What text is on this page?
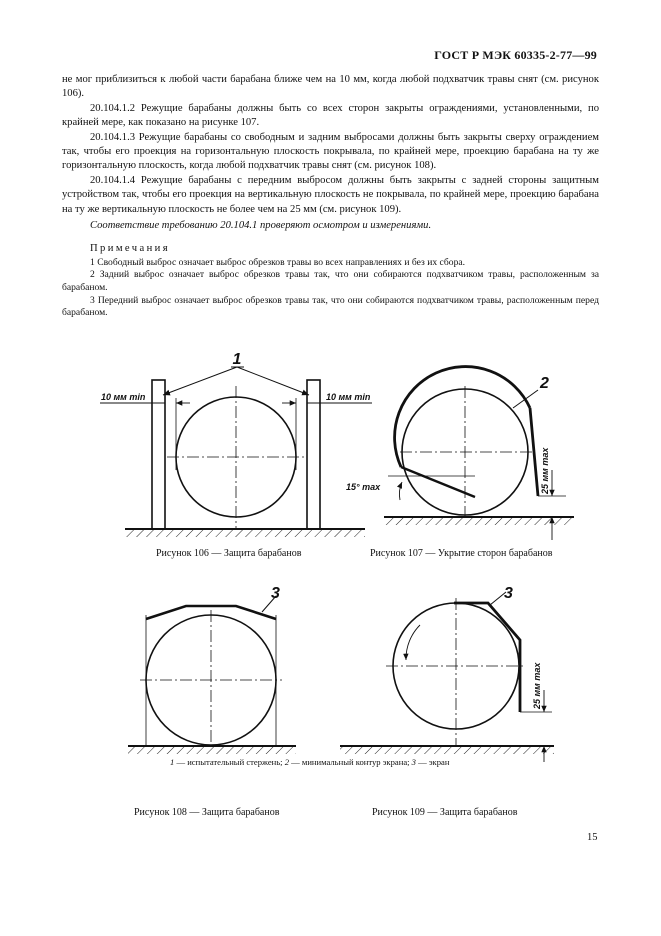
ГОСТ Р МЭК 60335-2-77—99

не мог приблизиться к любой части барабана ближе чем на 10 мм, когда любой подхватчик травы снят (см. рисунок 106).

20.104.1.2 Режущие барабаны должны быть со всех сторон закрыты ограждениями, установленными, по крайней мере, как показано на рисунке 107.

20.104.1.3 Режущие барабаны со свободным и задним выбросами должны быть закрыты сверху ограждением так, чтобы его проекция на горизонтальную плоскость покрывала, по крайней мере, проекцию барабана на ту же горизонтальную плоскость, когда любой подхватчик травы снят (см. рисунок 108).

20.104.1.4 Режущие барабаны с передним выбросом должны быть закрыты с задней стороны защитным устройством так, чтобы его проекция на вертикальную плоскость не покрывала, по крайней мере, проекцию барабана на ту же вертикальную плоскость не более чем на 25 мм (см. рисунок 109).

Соответствие требованию 20.104.1 проверяют осмотром и измерениями.

Примечания

1 Свободный выброс означает выброс обрезков травы во всех направлениях и без их сбора.

2 Задний выброс означает выброс обрезков травы так, что они собираются подхватчиком травы, расположенным за барабаном.

3 Передний выброс означает выброс обрезков травы так, что они собираются подхватчиком травы, расположенным перед барабаном.

1
10 мм min	10 мм min
2
15° max	25 мм max
3	3
25 мм max
Рисунок 106 — Защита барабанов	Рисунок 107 — Укрытие сторон барабанов
1 — испытательный стержень; 2 — минимальный контур экрана; 3 — экран
Рисунок 108 — Защита барабанов	Рисунок 109 — Защита барабанов
15
